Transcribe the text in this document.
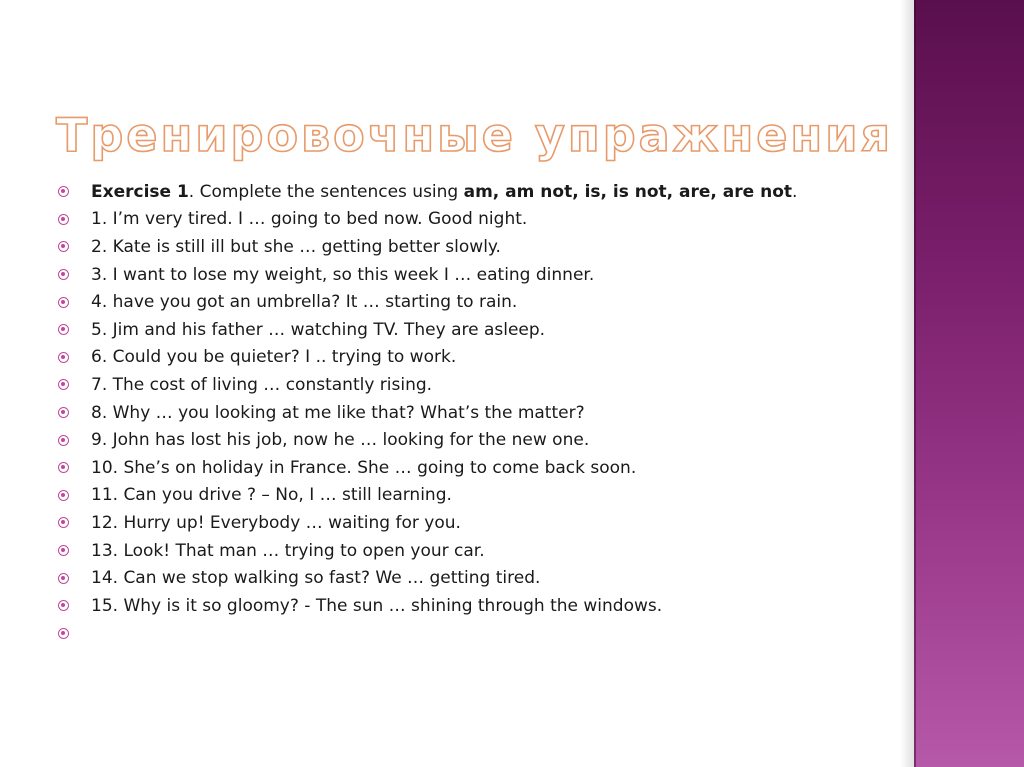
Тренировочные упражнения
Exercise 1. Complete the sentences using am, am not, is, is not, are, are not.
1. I’m very tired. I … going to bed now. Good night.
2. Kate is still ill but she … getting better slowly.
3. I want to lose my weight, so this week I … eating dinner.
4. have you got an umbrella? It … starting to rain.
5. Jim and his father … watching TV. They are asleep.
6. Could you be quieter? I .. trying to work.
7. The cost of living … constantly rising.
8. Why … you looking at me like that? What’s the matter?
9. John has lost his job, now he … looking for the new one.
10. She’s on holiday in France. She … going to come back soon.
11. Can you drive ? – No, I … still learning.
12. Hurry up! Everybody … waiting for you.
13. Look! That man … trying to open your car.
14. Can we stop walking so fast? We … getting tired.
15. Why is it so gloomy? - The sun … shining through the windows.
